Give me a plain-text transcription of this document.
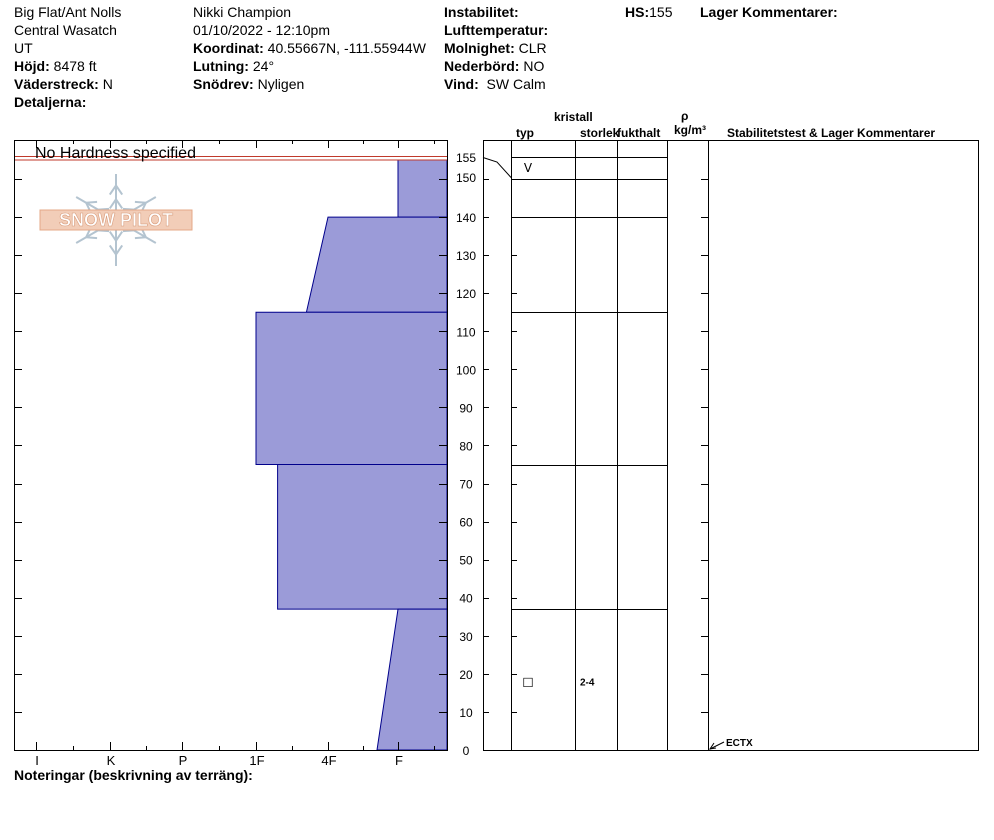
Big Flat/Ant Nolls
Central Wasatch
UT
Höjd: 8478 ft
Väderstreck: N
Detaljerna:
Nikki Champion
01/10/2022 - 12:10pm
Koordinat: 40.55667N, -111.55944W
Lutning: 24°
Snödrev: Nyligen
Instabilitet:
Lufttemperatur:
Molnighet: CLR
Nederbörd: NO
Vind: SW Calm
HS:155 Lager Kommentarer:
Noteringar (beskrivning av terräng):
SNOW PILOT
I	K	P	1F	4F	F
No Hardness specified
0
10
20
30
40
50
60
70
80
90
100
110
120
130
140
150
155
V
□	2-4
ECTX
typ
kristall
storlek
fukthalt
ρ
kg/m³ Stabilitetstest & Lager Kommentarer
